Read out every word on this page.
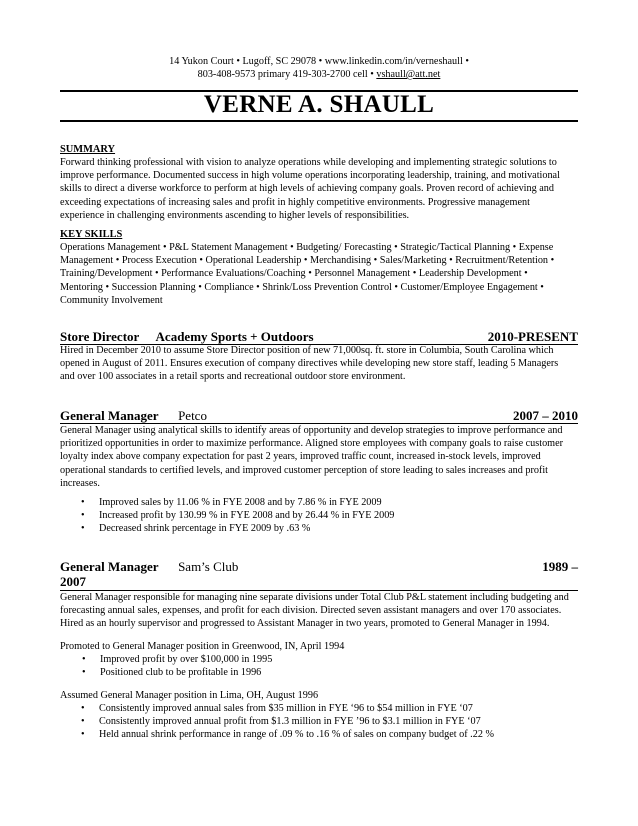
14 Yukon Court • Lugoff, SC 29078 • www.linkedin.com/in/verneshaull •
803-408-9573 primary 419-303-2700 cell • vshaull@att.net
VERNE A. SHAULL
SUMMARY
Forward thinking professional with vision to analyze operations while developing and implementing strategic solutions to
improve performance. Documented success in high volume operations incorporating leadership, training, and motivational
skills to direct a diverse workforce to perform at high levels of achieving company goals. Proven record of achieving and
exceeding expectations of increasing sales and profit in highly competitive environments. Progressive management
experience in challenging environments ascending to higher levels of responsibilities.
KEY SKILLS
Operations Management • P&L Statement Management • Budgeting/ Forecasting • Strategic/Tactical Planning • Expense
Management • Process Execution • Operational Leadership • Merchandising • Sales/Marketing • Recruitment/Retention •
Training/Development • Performance Evaluations/Coaching • Personnel Management • Leadership Development •
Mentoring • Succession Planning • Compliance • Shrink/Loss Prevention Control • Customer/Employee Engagement •
Community Involvement
Store Director Academy Sports + Outdoors	2010-PRESENT
Hired in December 2010 to assume Store Director position of new 71,000sq. ft. store in Columbia, South Carolina which
opened in August of 2011. Ensures execution of company directives while developing new store staff, leading 5 Managers
and over 100 associates in a retail sports and recreational outdoor store environment.
General Manager Petco	2007 – 2010
General Manager using analytical skills to identify areas of opportunity and develop strategies to improve performance and
prioritized opportunities in order to maximize performance. Aligned store employees with company goals to raise customer
loyalty index above company expectation for past 2 years, improved traffic count, increased in-stock levels, improved
operational standards to certified levels, and improved customer perception of store leading to sales increases and profit
increases.
• Improved sales by 11.06 % in FYE 2008 and by 7.86 % in FYE 2009
• Increased profit by 130.99 % in FYE 2008 and by 26.44 % in FYE 2009
• Decreased shrink percentage in FYE 2009 by .63 %
General Manager Sam’s Club	1989 –
2007
General Manager responsible for managing nine separate divisions under Total Club P&L statement including budgeting and
forecasting annual sales, expenses, and profit for each division. Directed seven assistant managers and over 170 associates.
Hired as an hourly supervisor and progressed to Assistant Manager in two years, promoted to General Manager in 1994.
Promoted to General Manager position in Greenwood, IN, April 1994
• Improved profit by over $100,000 in 1995
• Positioned club to be profitable in 1996
Assumed General Manager position in Lima, OH, August 1996
• Consistently improved annual sales from $35 million in FYE ‘96 to $54 million in FYE ‘07
• Consistently improved annual profit from $1.3 million in FYE ’96 to $3.1 million in FYE ‘07
• Held annual shrink performance in range of .09 % to .16 % of sales on company budget of .22 %
